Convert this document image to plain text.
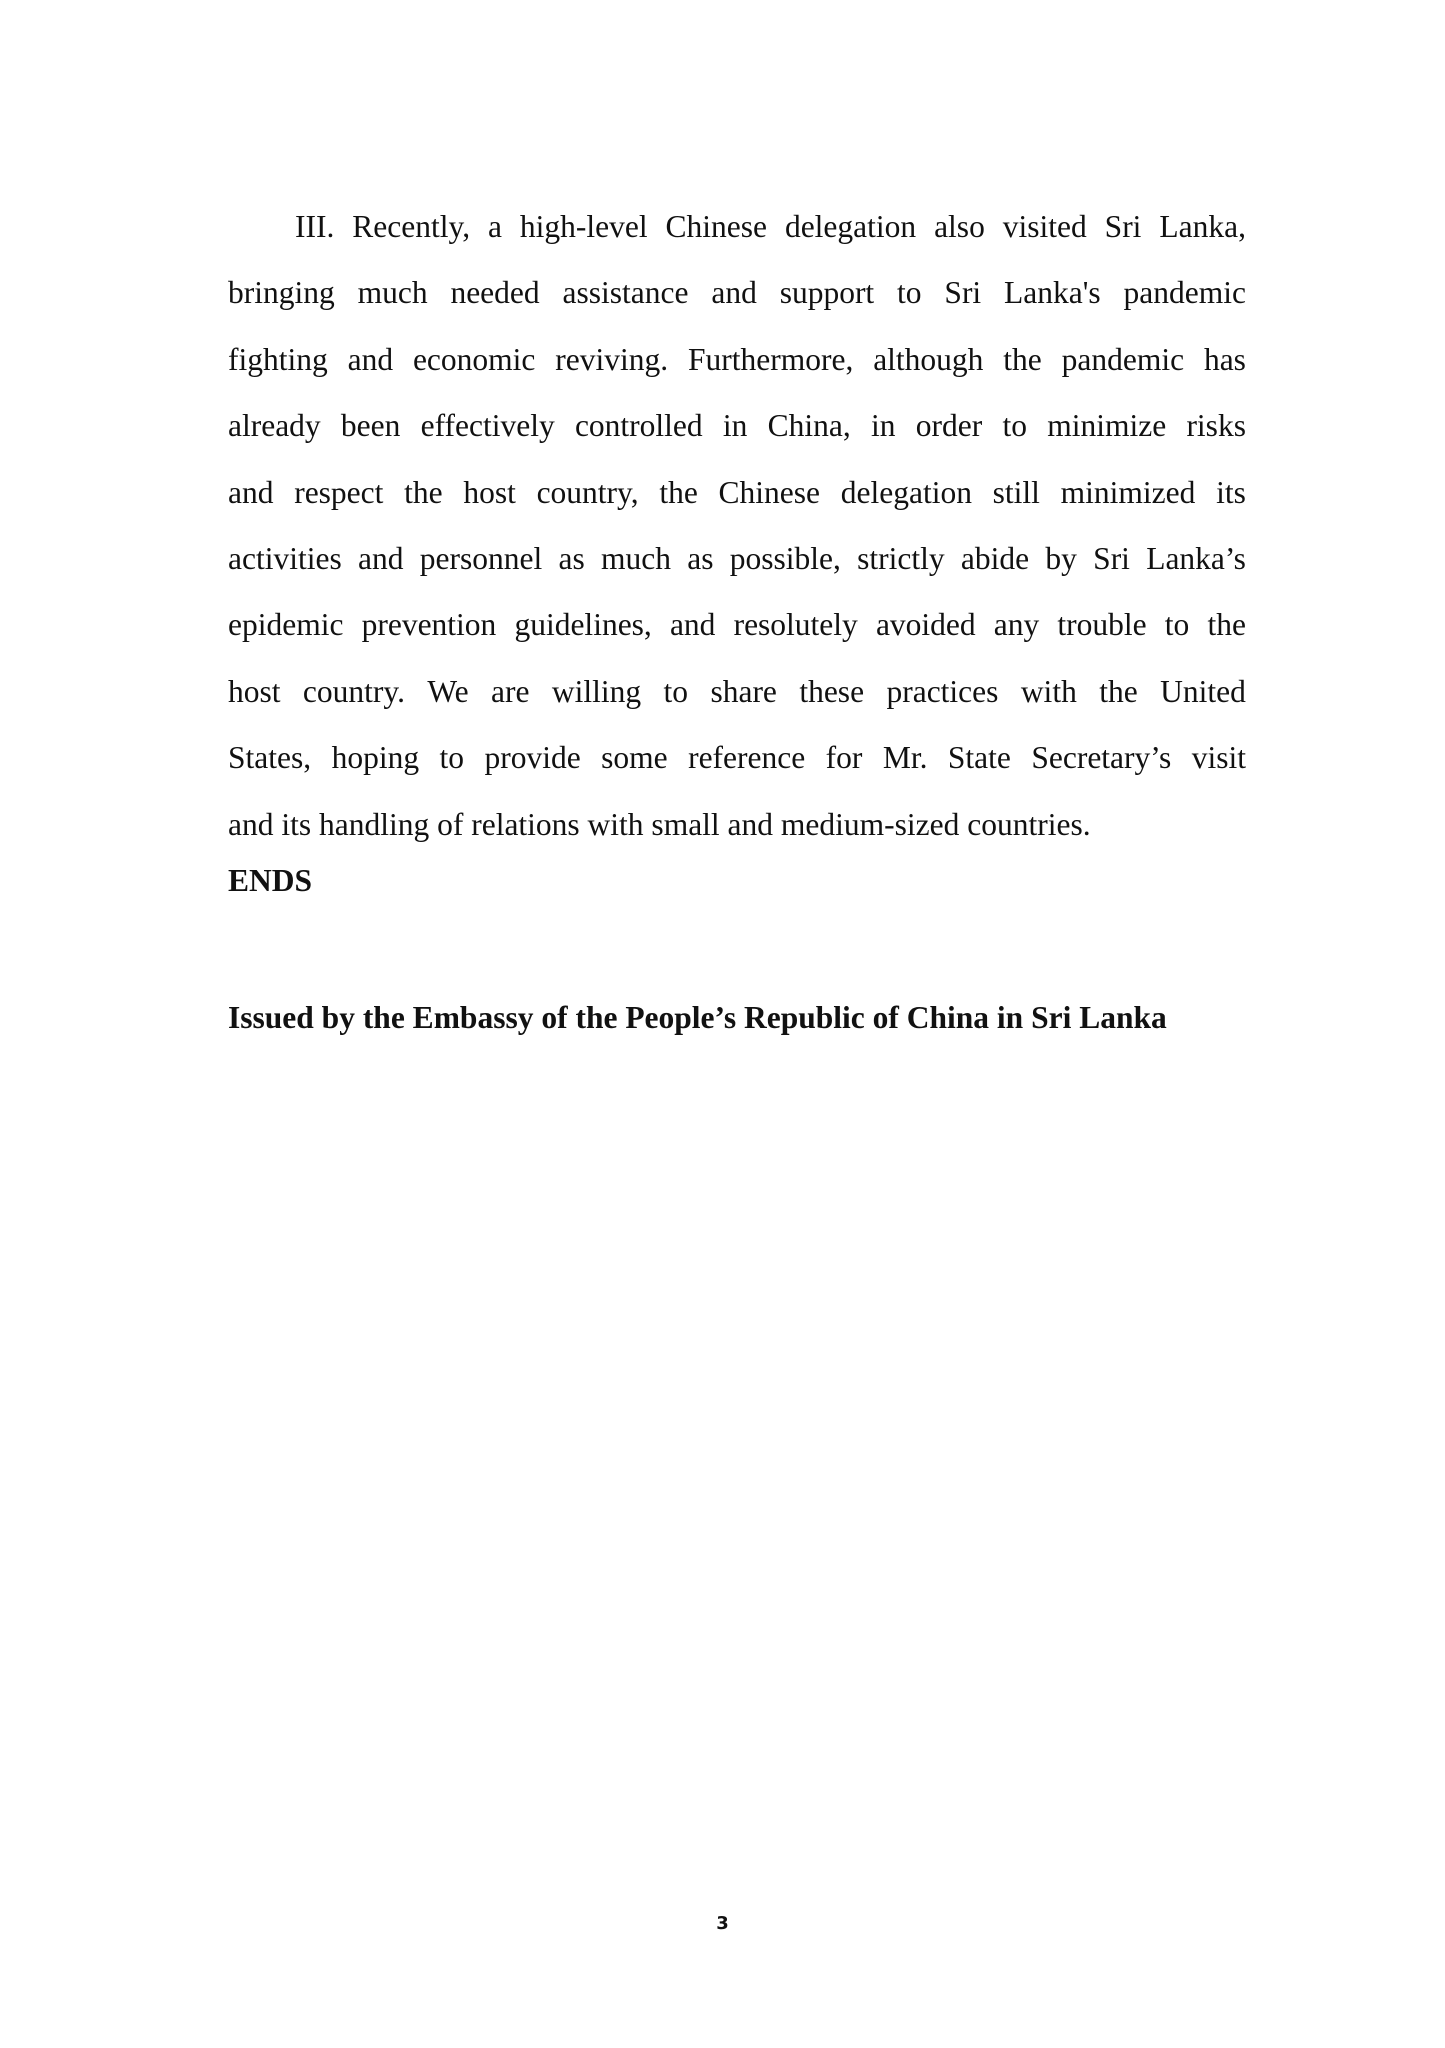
III. Recently, a high-level Chinese delegation also visited Sri Lanka,
bringing much needed assistance and support to Sri Lanka's pandemic
fighting and economic reviving. Furthermore, although the pandemic has
already been effectively controlled in China, in order to minimize risks
and respect the host country, the Chinese delegation still minimized its
activities and personnel as much as possible, strictly abide by Sri Lanka’s
epidemic prevention guidelines, and resolutely avoided any trouble to the
host country. We are willing to share these practices with the United
States, hoping to provide some reference for Mr. State Secretary’s visit
and its handling of relations with small and medium-sized countries.

ENDS

Issued by the Embassy of the People’s Republic of China in Sri Lanka

3
